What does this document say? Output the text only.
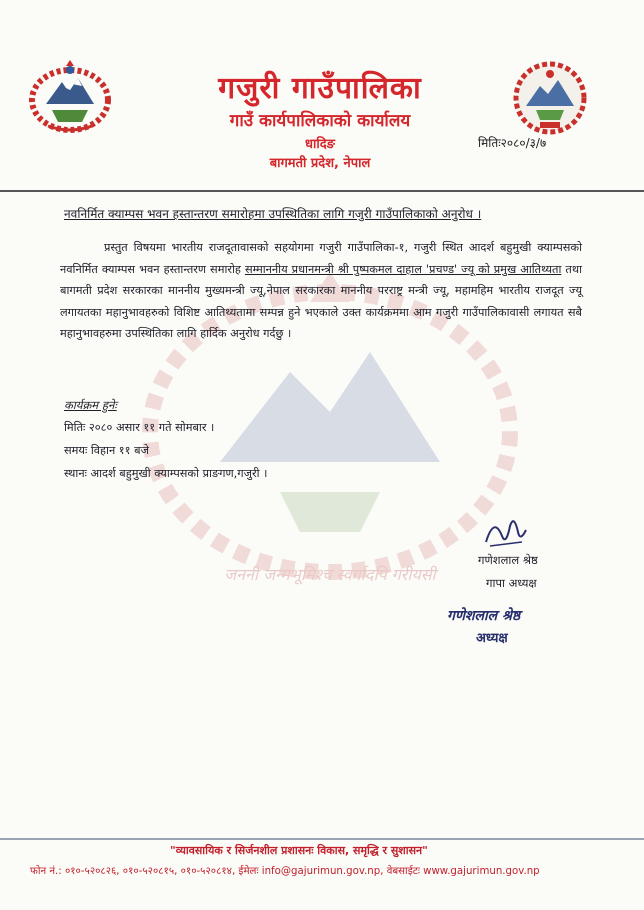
गजुरी गाउँपालिका
गाउँ कार्यपालिकाको कार्यालय
धादिङ
बागमती प्रदेश, नेपाल
मितिः२०८०/३/७
जननी जन्मभूमिश्च स्वर्गादपि गरीयसी
नवनिर्मित क्याम्पस भवन हस्तान्तरण समारोहमा उपस्थितिका लागि गजुरी गाउँपालिकाको अनुरोध ।
प्रस्तुत विषयमा भारतीय राजदूतावासको सहयोगमा गजुरी गाउँपालिका-१, गजुरी स्थित आदर्श बहुमुखी क्याम्पसको नवनिर्मित क्याम्पस भवन हस्तान्तरण समारोह सम्माननीय प्रधानमन्त्री श्री पुष्पकमल दाहाल 'प्रचण्ड' ज्यू को प्रमुख आतिथ्यता तथा बागमती प्रदेश सरकारका माननीय मुख्यमन्त्री ज्यू,नेपाल सरकारका माननीय परराष्ट्र मन्त्री ज्यू, महामहिम भारतीय राजदूत ज्यू लगायतका महानुभावहरुको विशिष्ट आतिथ्यतामा सम्पन्न हुने भएकाले उक्त कार्यक्रममा आम गजुरी गाउँपालिकावासी लगायत सबै महानुभावहरुमा उपस्थितिका लागि हार्दिक अनुरोध गर्दछु ।
कार्यक्रम हुनेः
मितिः २०८० असार ११ गते सोमबार ।
समयः विहान ११ बजे
स्थानः आदर्श बहुमुखी क्याम्पसको प्राङगण,गजुरी ।
गणेशलाल श्रेष्ठ
गापा अध्यक्ष
गणेशलाल श्रेष्ठ
अध्यक्ष
"व्यावसायिक र सिर्जनशील प्रशासनः विकास, समृद्धि र सुशासन"
फोन नं.: ०१०-५२०८२६, ०१०-५२०८१५, ०१०-५२०८१४, ईमेलः info@gajurimun.gov.np, वेबसाईटः www.gajurimun.gov.np
